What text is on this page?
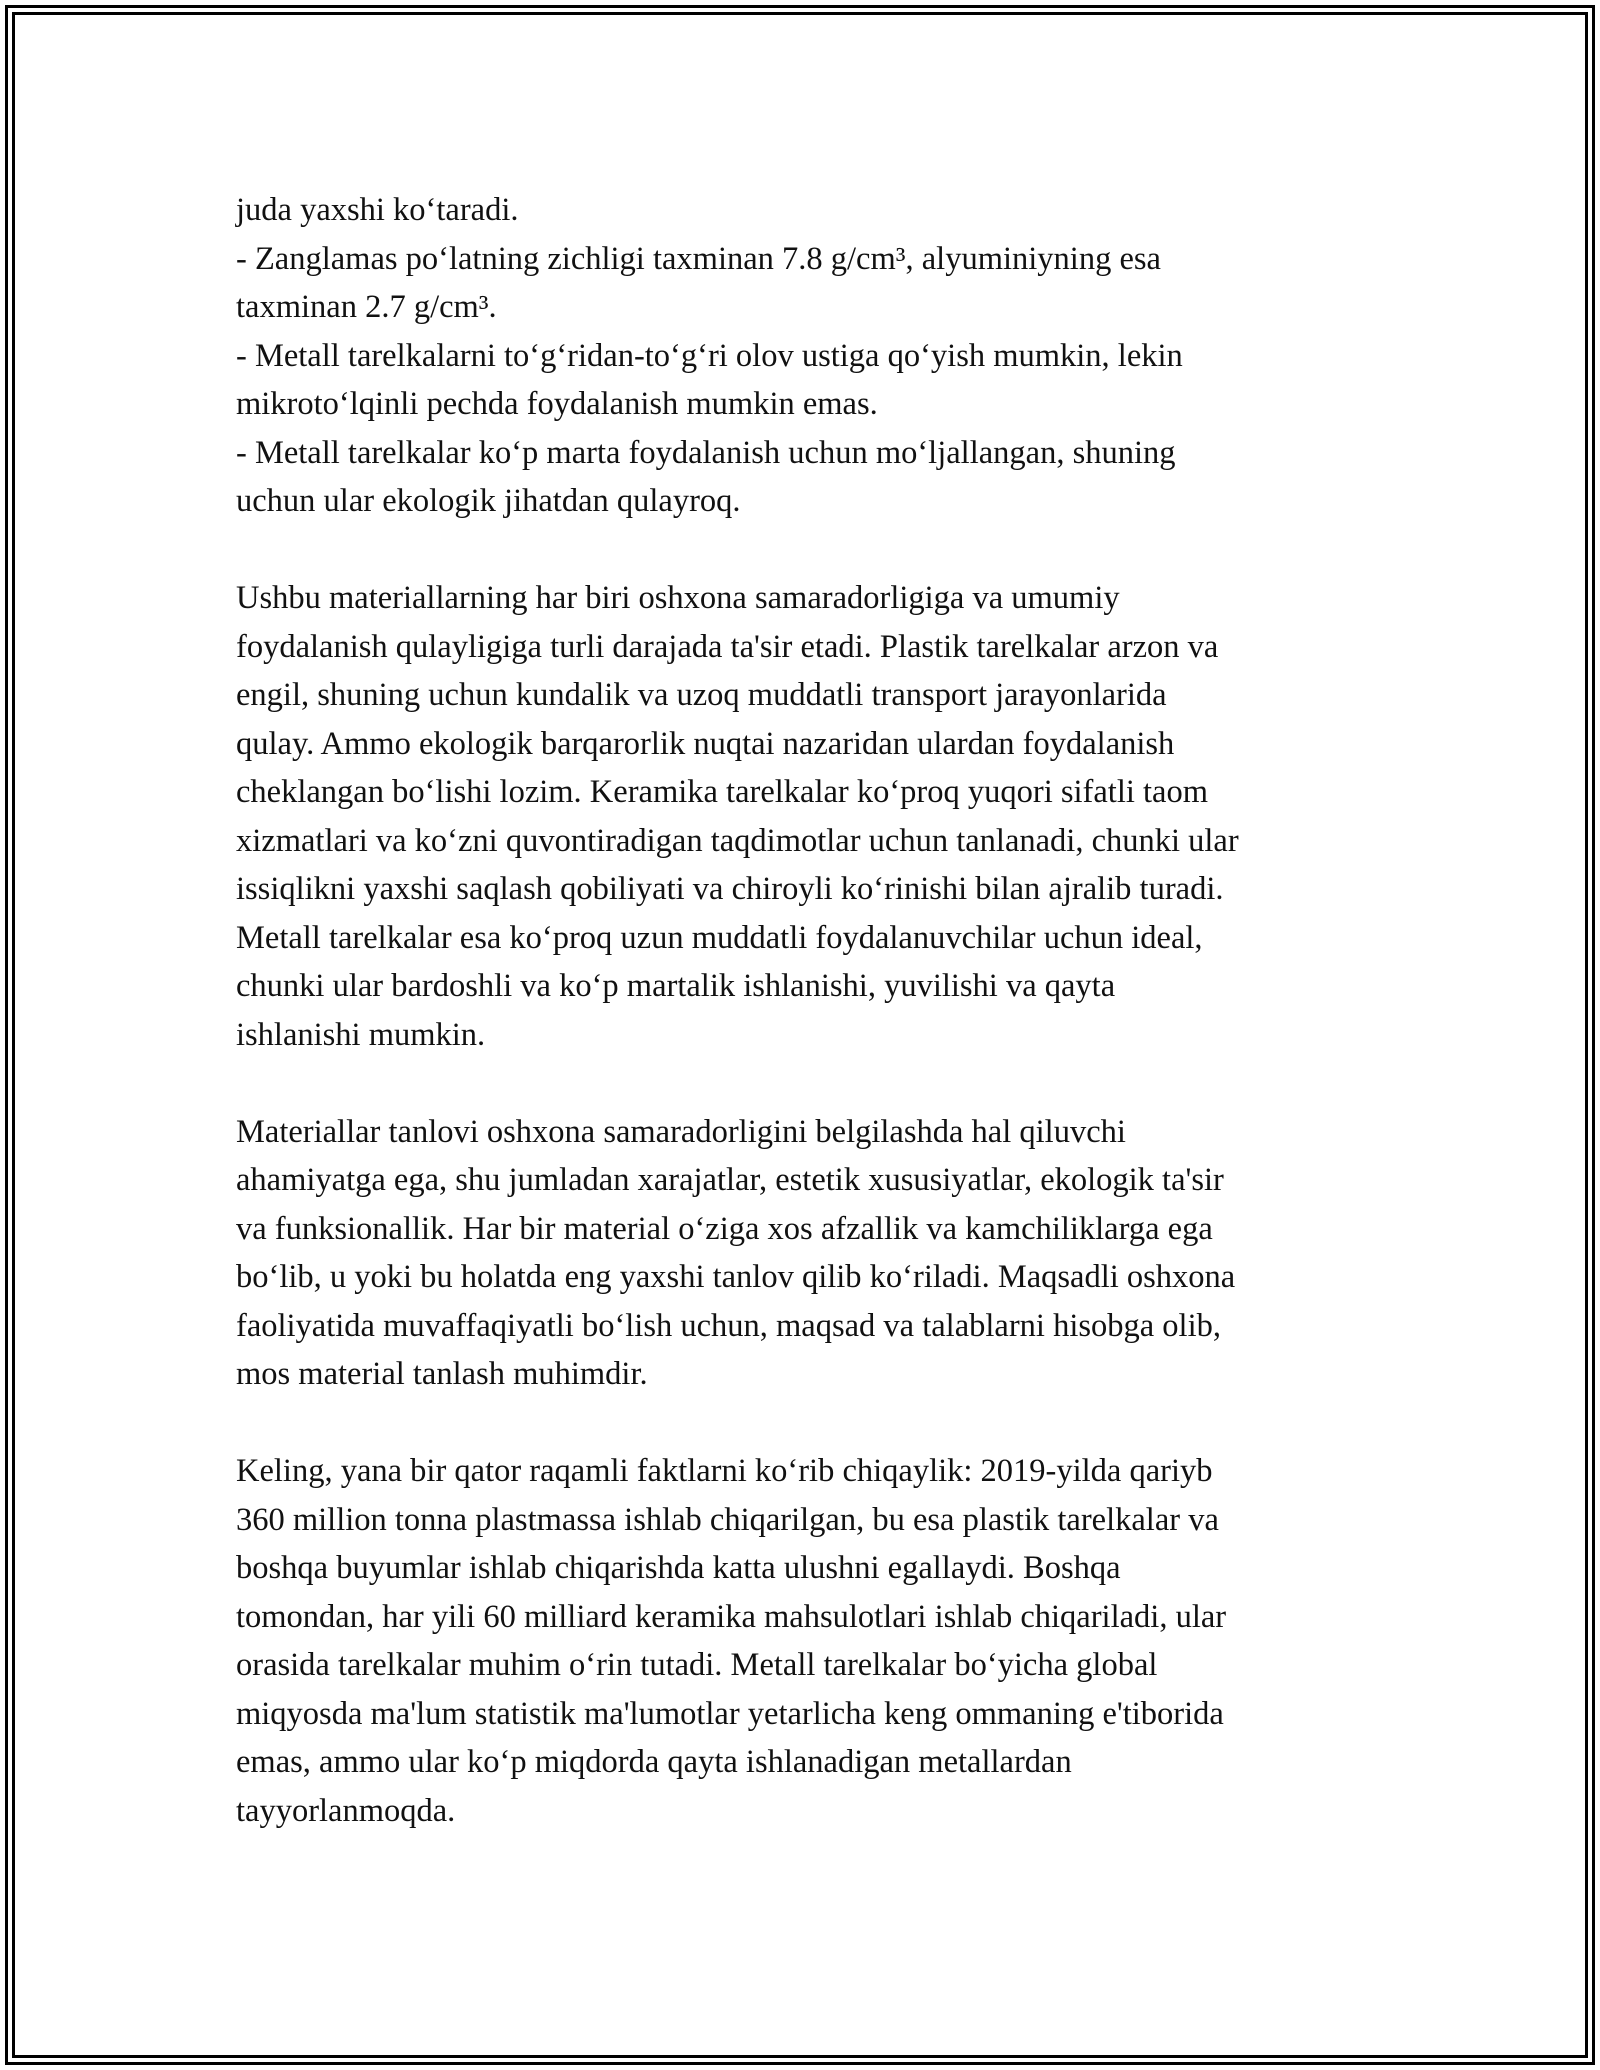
juda yaxshi ko‘taradi.
- Zanglamas po‘latning zichligi taxminan 7.8 g/cm³, alyuminiyning esa
taxminan 2.7 g/cm³.
- Metall tarelkalarni to‘g‘ridan-to‘g‘ri olov ustiga qo‘yish mumkin, lekin
mikroto‘lqinli pechda foydalanish mumkin emas.
- Metall tarelkalar ko‘p marta foydalanish uchun mo‘ljallangan, shuning
uchun ular ekologik jihatdan qulayroq.
Ushbu materiallarning har biri oshxona samaradorligiga va umumiy
foydalanish qulayligiga turli darajada ta'sir etadi. Plastik tarelkalar arzon va
engil, shuning uchun kundalik va uzoq muddatli transport jarayonlarida
qulay. Ammo ekologik barqarorlik nuqtai nazaridan ulardan foydalanish
cheklangan bo‘lishi lozim. Keramika tarelkalar ko‘proq yuqori sifatli taom
xizmatlari va ko‘zni quvontiradigan taqdimotlar uchun tanlanadi, chunki ular
issiqlikni yaxshi saqlash qobiliyati va chiroyli ko‘rinishi bilan ajralib turadi.
Metall tarelkalar esa ko‘proq uzun muddatli foydalanuvchilar uchun ideal,
chunki ular bardoshli va ko‘p martalik ishlanishi, yuvilishi va qayta
ishlanishi mumkin.
Materiallar tanlovi oshxona samaradorligini belgilashda hal qiluvchi
ahamiyatga ega, shu jumladan xarajatlar, estetik xususiyatlar, ekologik ta'sir
va funksionallik. Har bir material o‘ziga xos afzallik va kamchiliklarga ega
bo‘lib, u yoki bu holatda eng yaxshi tanlov qilib ko‘riladi. Maqsadli oshxona
faoliyatida muvaffaqiyatli bo‘lish uchun, maqsad va talablarni hisobga olib,
mos material tanlash muhimdir.
Keling, yana bir qator raqamli faktlarni ko‘rib chiqaylik: 2019-yilda qariyb
360 million tonna plastmassa ishlab chiqarilgan, bu esa plastik tarelkalar va
boshqa buyumlar ishlab chiqarishda katta ulushni egallaydi. Boshqa
tomondan, har yili 60 milliard keramika mahsulotlari ishlab chiqariladi, ular
orasida tarelkalar muhim o‘rin tutadi. Metall tarelkalar bo‘yicha global
miqyosda ma'lum statistik ma'lumotlar yetarlicha keng ommaning e'tiborida
emas, ammo ular ko‘p miqdorda qayta ishlanadigan metallardan
tayyorlanmoqda.
